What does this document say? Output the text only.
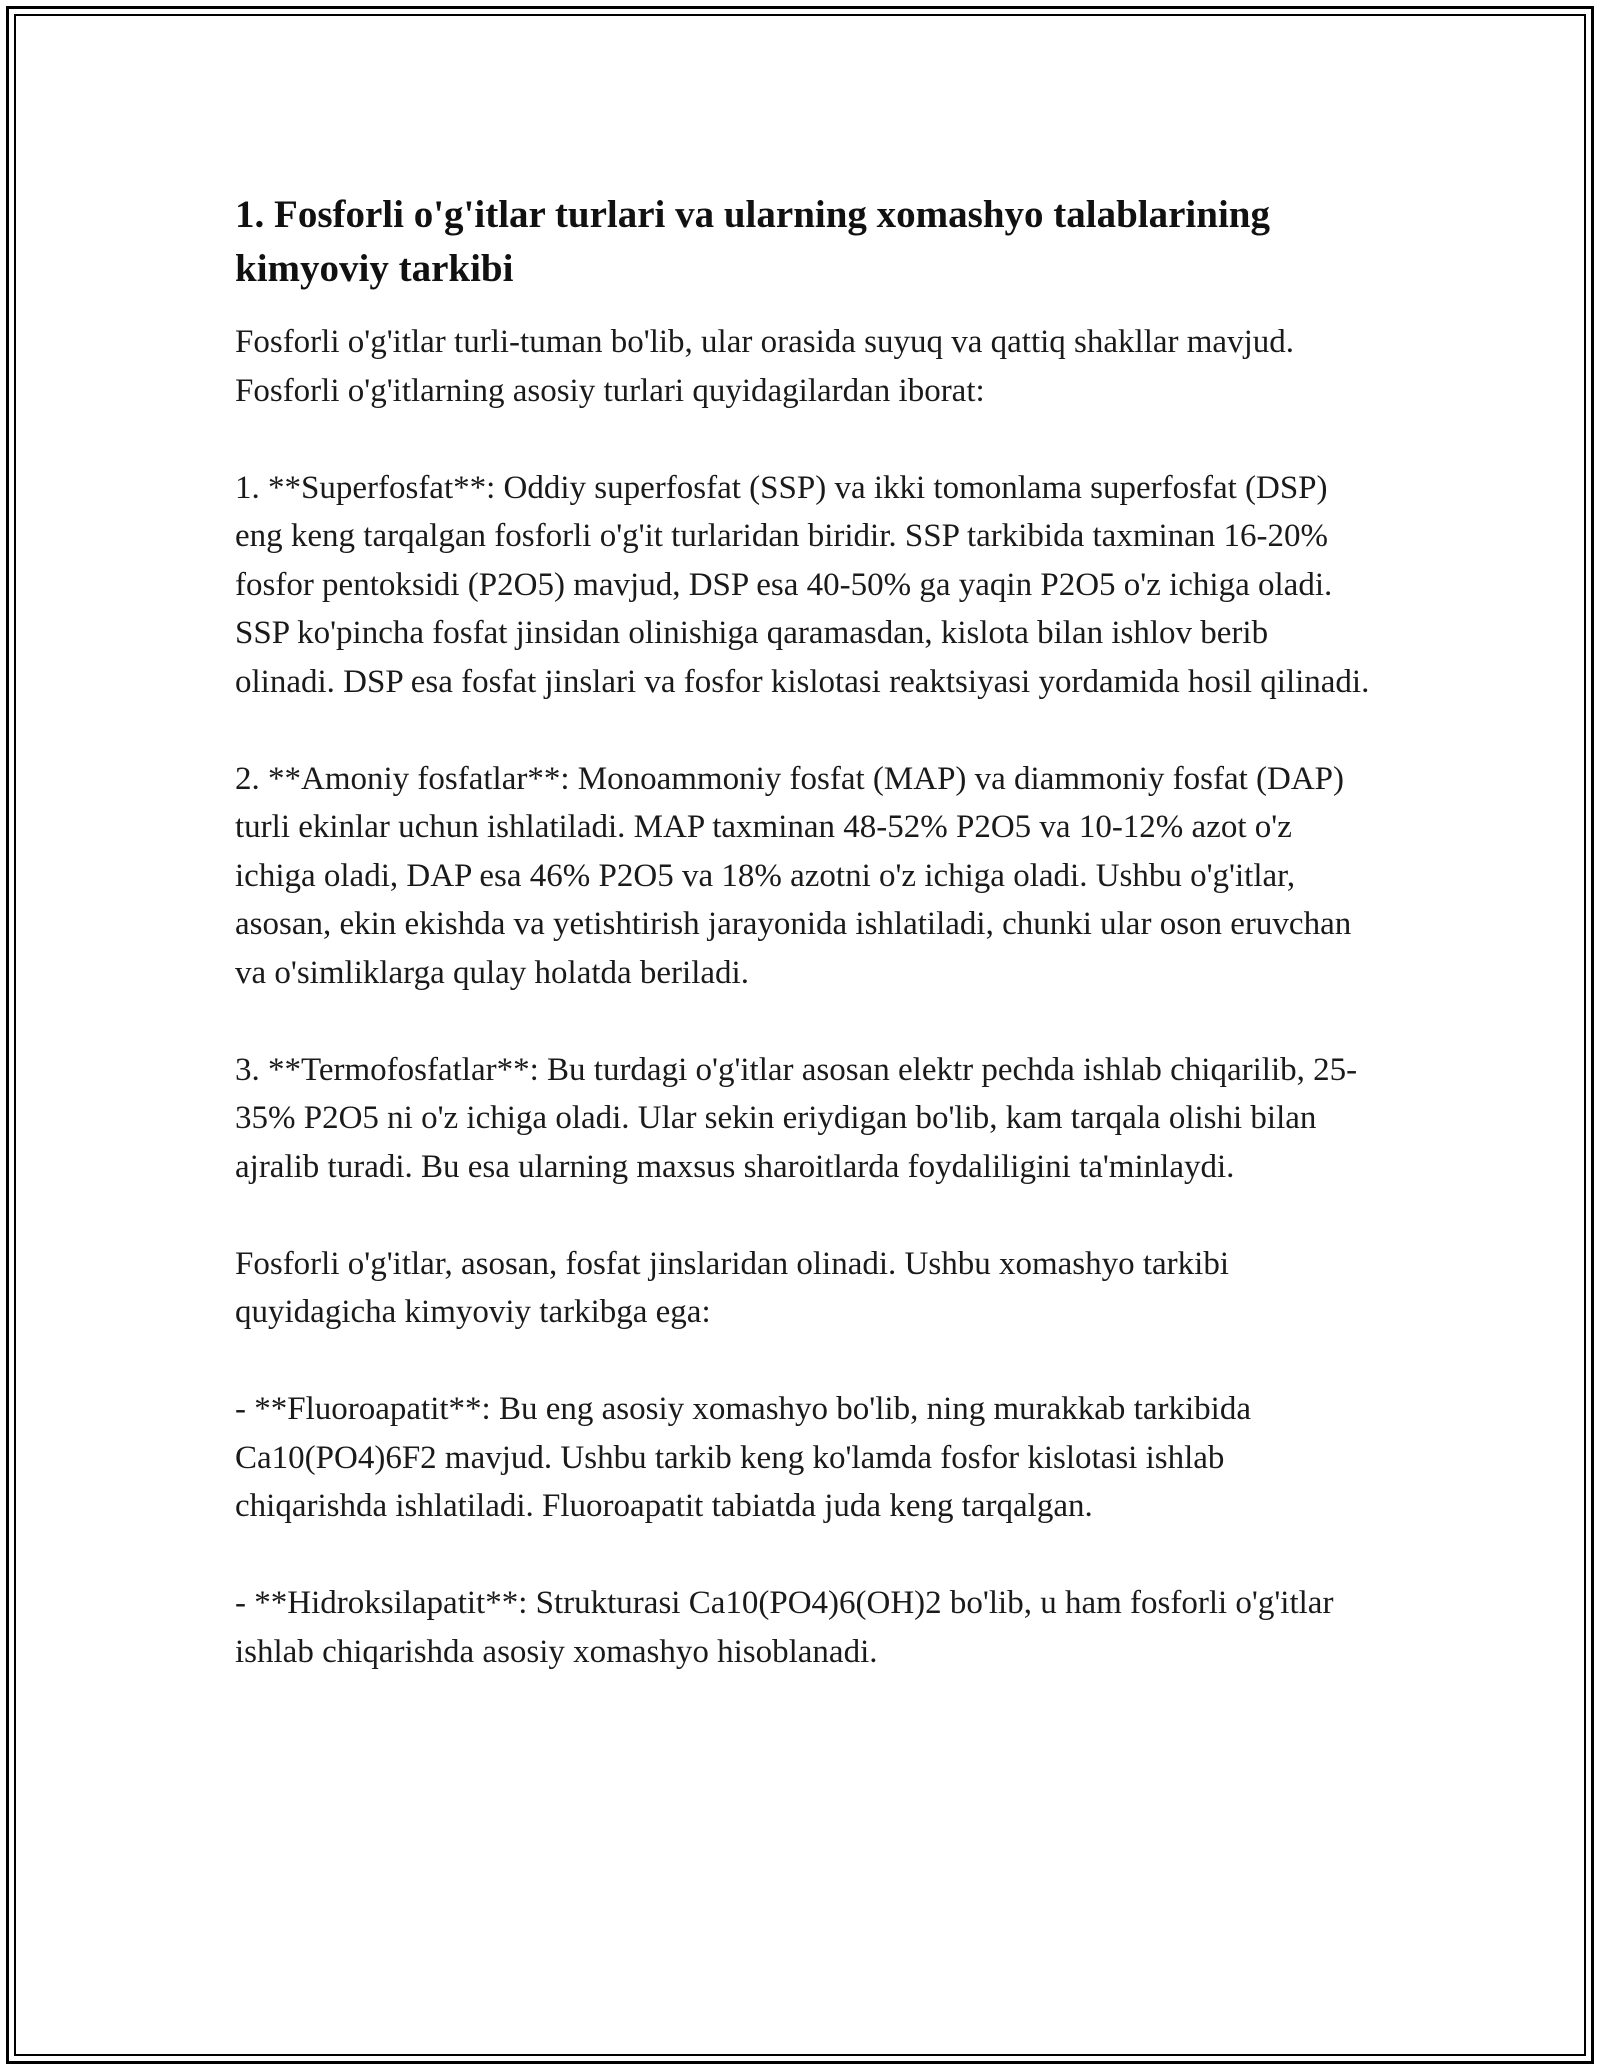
1. Fosforli o'g'itlar turlari va ularning xomashyo talablarining kimyoviy tarkibi

Fosforli o'g'itlar turli-tuman bo'lib, ular orasida suyuq va qattiq shakllar mavjud. Fosforli o'g'itlarning asosiy turlari quyidagilardan iborat:

1. **Superfosfat**: Oddiy superfosfat (SSP) va ikki tomonlama superfosfat (DSP) eng keng tarqalgan fosforli o'g'it turlaridan biridir. SSP tarkibida taxminan 16-20% fosfor pentoksidi (P2O5) mavjud, DSP esa 40-50% ga yaqin P2O5 o'z ichiga oladi. SSP ko'pincha fosfat jinsidan olinishiga qaramasdan, kislota bilan ishlov berib olinadi. DSP esa fosfat jinslari va fosfor kislotasi reaktsiyasi yordamida hosil qilinadi.

2. **Amoniy fosfatlar**: Monoammoniy fosfat (MAP) va diammoniy fosfat (DAP) turli ekinlar uchun ishlatiladi. MAP taxminan 48-52% P2O5 va 10-12% azot o'z ichiga oladi, DAP esa 46% P2O5 va 18% azotni o'z ichiga oladi. Ushbu o'g'itlar, asosan, ekin ekishda va yetishtirish jarayonida ishlatiladi, chunki ular oson eruvchan va o'simliklarga qulay holatda beriladi.

3. **Termofosfatlar**: Bu turdagi o'g'itlar asosan elektr pechda ishlab chiqarilib, 25-35% P2O5 ni o'z ichiga oladi. Ular sekin eriydigan bo'lib, kam tarqala olishi bilan ajralib turadi. Bu esa ularning maxsus sharoitlarda foydaliligini ta'minlaydi.

Fosforli o'g'itlar, asosan, fosfat jinslaridan olinadi. Ushbu xomashyo tarkibi quyidagicha kimyoviy tarkibga ega:

- **Fluoroapatit**: Bu eng asosiy xomashyo bo'lib, ning murakkab tarkibida Ca10(PO4)6F2 mavjud. Ushbu tarkib keng ko'lamda fosfor kislotasi ishlab chiqarishda ishlatiladi. Fluoroapatit tabiatda juda keng tarqalgan.

- **Hidroksilapatit**: Strukturasi Ca10(PO4)6(OH)2 bo'lib, u ham fosforli o'g'itlar ishlab chiqarishda asosiy xomashyo hisoblanadi.
